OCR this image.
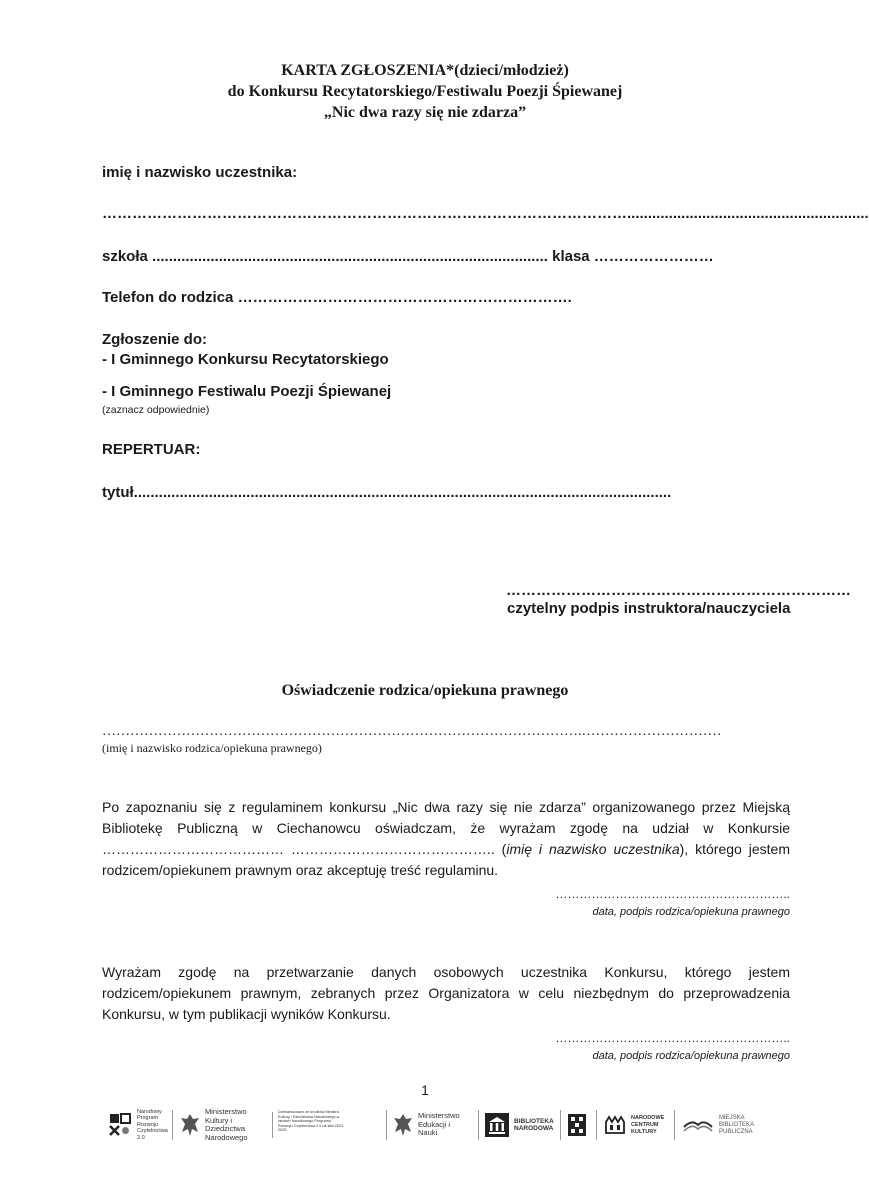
KARTA ZGŁOSZENIA*(dzieci/młodzież)
do Konkursu Recytatorskiego/Festiwalu Poezji Śpiewanej
„Nic dwa razy się nie zdarza”
imię i nazwisko uczestnika:
……………………………………………………………………………………………..........................................................
szkoła ............................................................................................... klasa ……………………
Telefon do rodzica ………………………………………………………….
Zgłoszenie do:
- I Gminnego Konkursu Recytatorskiego
- I Gminnego Festiwalu Poezji Śpiewanej
(zaznacz odpowiednie)
REPERTUAR:
tytuł.................................................................................................................................
……………………………………………………………
czytelny podpis instruktora/nauczyciela
Oświadczenie rodzica/opiekuna prawnego
………………………………………………………………………………………….…………………………
(imię i nazwisko rodzica/opiekuna prawnego)
Po zapoznaniu się z regulaminem konkursu „Nic dwa razy się nie zdarza” organizowanego przez Miejską
Bibliotekę Publiczną w Ciechanowcu oświadczam, że wyrażam zgodę na udział w Konkursie
………………………………… …………………………………….. (imię i nazwisko uczestnika), którego jestem
rodzicem/opiekunem prawnym oraz akceptuję treść regulaminu.
…………………………………………………..
data, podpis rodzica/opiekuna prawnego
Wyrażam zgodę na przetwarzanie danych osobowych uczestnika Konkursu, którego jestem
rodzicem/opiekunem prawnym, zebranych przez Organizatora w celu niezbędnym do przeprowadzenia
Konkursu, w tym publikacji wyników Konkursu.
…………………………………………………..
data, podpis rodzica/opiekuna prawnego
1
Narodowy Program Rozwoju Czytelnictwa 2.0
Ministerstwo Kultury i Dziedzictwa Narodowego
Dofinansowano ze środków Ministra Kultury i Dziedzictwa Narodowego w ramach Narodowego Programu Rozwoju Czytelnictwa 2.0 na lata 2021-2025
Ministerstwo Edukacji i Nauki
BIBLIOTEKA NARODOWA
NARODOWE CENTRUM KULTURY
MIEJSKA BIBLIOTEKA PUBLICZNA
